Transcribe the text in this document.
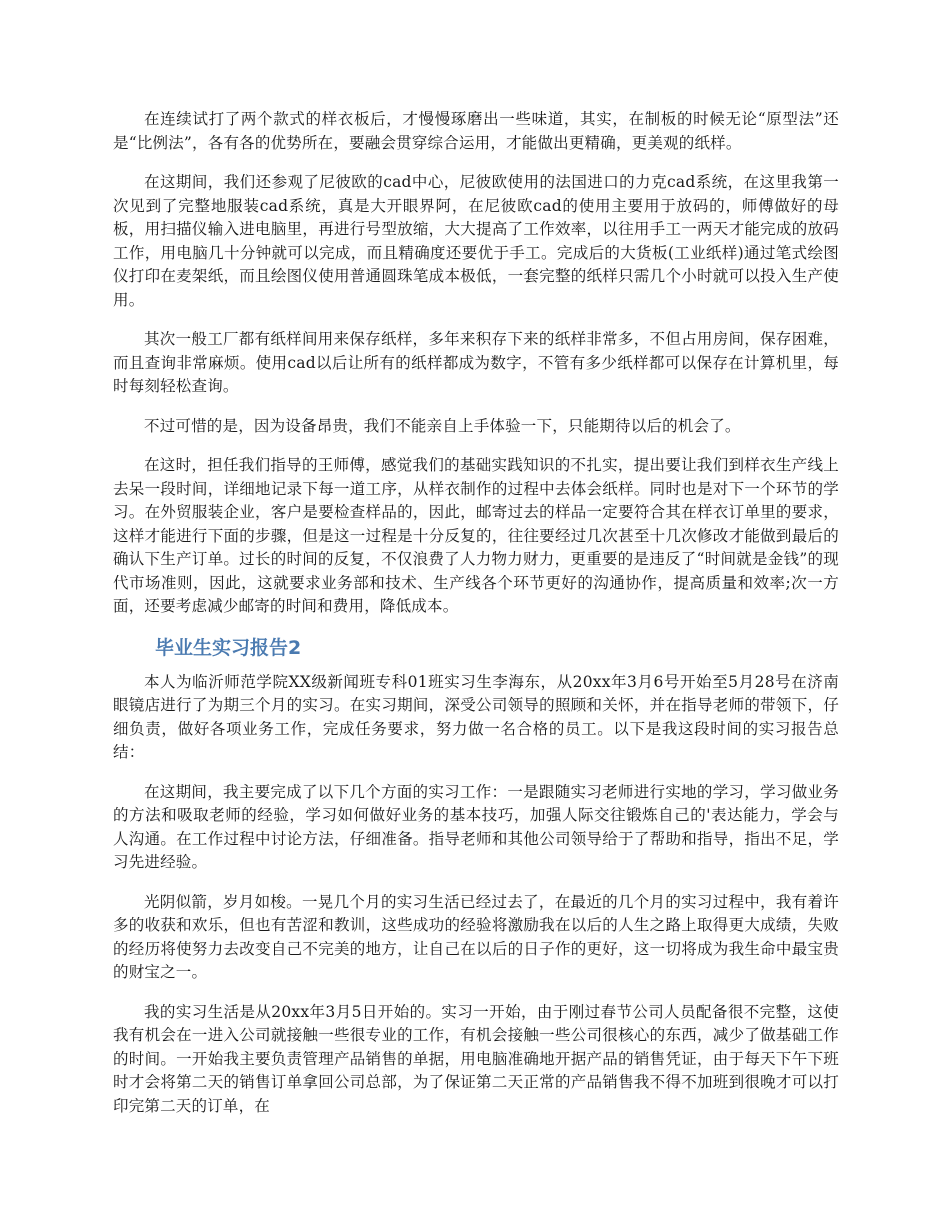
在连续试打了两个款式的样衣板后，才慢慢琢磨出一些味道，其实，在制板的时候无论“原型法”还是“比例法”，各有各的优势所在，要融会贯穿综合运用，才能做出更精确，更美观的纸样。

在这期间，我们还参观了尼彼欧的cad中心，尼彼欧使用的法国进口的力克cad系统，在这里我第一次见到了完整地服装cad系统，真是大开眼界阿，在尼彼欧cad的使用主要用于放码的，师傅做好的母板，用扫描仪输入进电脑里，再进行号型放缩，大大提高了工作效率，以往用手工一两天才能完成的放码工作，用电脑几十分钟就可以完成，而且精确度还要优于手工。完成后的大货板(工业纸样)通过笔式绘图仪打印在麦架纸，而且绘图仪使用普通圆珠笔成本极低，一套完整的纸样只需几个小时就可以投入生产使用。

其次一般工厂都有纸样间用来保存纸样，多年来积存下来的纸样非常多，不但占用房间，保存困难，而且查询非常麻烦。使用cad以后让所有的纸样都成为数字，不管有多少纸样都可以保存在计算机里，每时每刻轻松查询。

不过可惜的是，因为设备昂贵，我们不能亲自上手体验一下，只能期待以后的机会了。

在这时，担任我们指导的王师傅，感觉我们的基础实践知识的不扎实，提出要让我们到样衣生产线上去呆一段时间，详细地记录下每一道工序，从样衣制作的过程中去体会纸样。同时也是对下一个环节的学习。在外贸服装企业，客户是要检查样品的，因此，邮寄过去的样品一定要符合其在样衣订单里的要求，这样才能进行下面的步骤，但是这一过程是十分反复的，往往要经过几次甚至十几次修改才能做到最后的确认下生产订单。过长的时间的反复，不仅浪费了人力物力财力，更重要的是违反了“时间就是金钱”的现代市场准则，因此，这就要求业务部和技术、生产线各个环节更好的沟通协作，提高质量和效率;次一方面，还要考虑减少邮寄的时间和费用，降低成本。

毕业生实习报告2

本人为临沂师范学院XX级新闻班专科01班实习生李海东，从20xx年3月6号开始至5月28号在济南眼镜店进行了为期三个月的实习。在实习期间，深受公司领导的照顾和关怀，并在指导老师的带领下，仔细负责，做好各项业务工作，完成任务要求，努力做一名合格的员工。以下是我这段时间的实习报告总结：

在这期间，我主要完成了以下几个方面的实习工作：一是跟随实习老师进行实地的学习，学习做业务的方法和吸取老师的经验，学习如何做好业务的基本技巧，加强人际交往锻炼自己的'表达能力，学会与人沟通。在工作过程中讨论方法，仔细准备。指导老师和其他公司领导给于了帮助和指导，指出不足，学习先进经验。

光阴似箭，岁月如梭。一晃几个月的实习生活已经过去了，在最近的几个月的实习过程中，我有着许多的收获和欢乐，但也有苦涩和教训，这些成功的经验将激励我在以后的人生之路上取得更大成绩，失败的经历将使努力去改变自己不完美的地方，让自己在以后的日子作的更好，这一切将成为我生命中最宝贵的财宝之一。

我的实习生活是从20xx年3月5日开始的。实习一开始，由于刚过春节公司人员配备很不完整，这使我有机会在一进入公司就接触一些很专业的工作，有机会接触一些公司很核心的东西，减少了做基础工作的时间。一开始我主要负责管理产品销售的单据，用电脑准确地开据产品的销售凭证，由于每天下午下班时才会将第二天的销售订单拿回公司总部，为了保证第二天正常的产品销售我不得不加班到很晚才可以打印完第二天的订单，在
